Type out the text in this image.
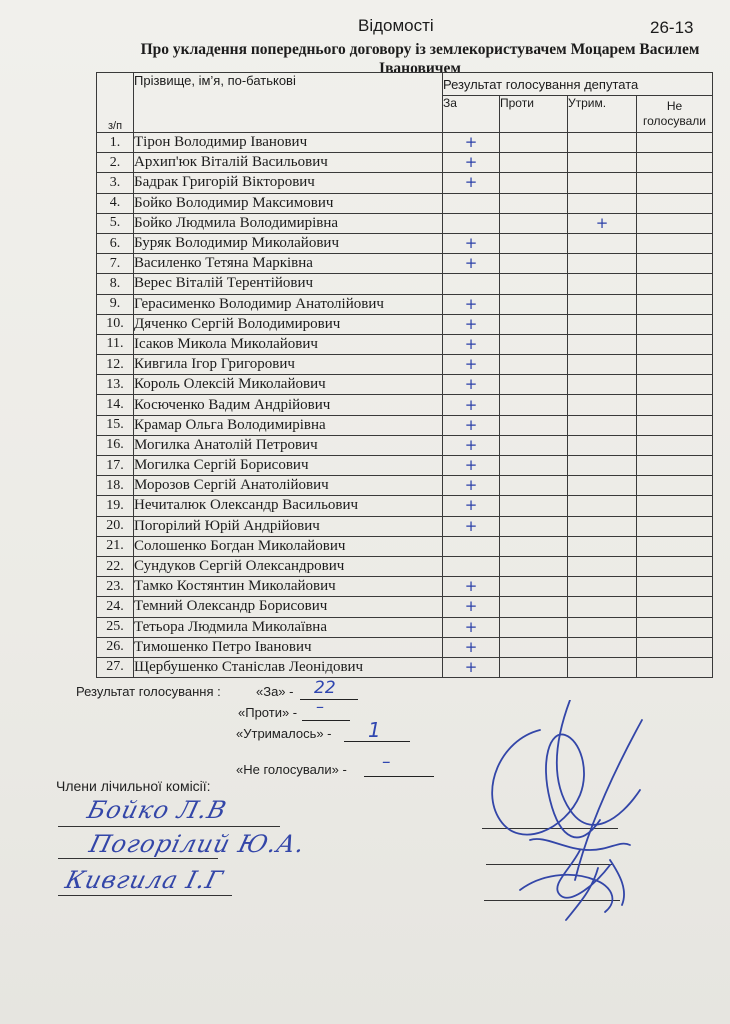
Відомості	26-13
Про укладення попереднього договору із землекористувачем Моцарем Василем Івановичем
з/п	Прізвище, ім’я, по-батькові	Результат голосування депутата			
		За	Проти	Утрим.	Не голосували
1.	Тірон Володимир Іванович	+			
2.	Архип'юк Віталій Васильович	+			
3.	Бадрак Григорій Вікторович	+			
4.	Бойко Володимир Максимович				
5.	Бойко Людмила Володимирівна			+	
6.	Буряк Володимир Миколайович	+			
7.	Василенко Тетяна Марківна	+			
8.	Верес Віталій Терентійович				
9.	Герасименко Володимир Анатолійович	+			
10.	Дяченко Сергій Володимирович	+			
11.	Ісаков Микола Миколайович	+			
12.	Кивгила Ігор Григорович	+			
13.	Король Олексій Миколайович	+			
14.	Косюченко Вадим Андрійович	+			
15.	Крамар Ольга Володимирівна	+			
16.	Могилка Анатолій Петрович	+			
17.	Могилка Сергій Борисович	+			
18.	Морозов Сергій Анатолійович	+			
19.	Нечиталюк Олександр Васильович	+			
20.	Погорілий Юрій Андрійович	+			
21.	Солошенко Богдан Миколайович				
22.	Сундуков Сергій Олександрович				
23.	Тамко Костянтин Миколайович	+			
24.	Темний Олександр Борисович	+			
25.	Тетьора Людмила Миколаївна	+			
26.	Тимошенко Петро Іванович	+			
27.	Щербушенко Станіслав Леонідович	+			
Результат голосування :	«За» - 22
«Проти» - –
«Утрималось» - 1
«Не голосували» - –
Члени лічильної комісії:
Бойко Л.В
Погорілий Ю.А.
Кивгила І.Г
